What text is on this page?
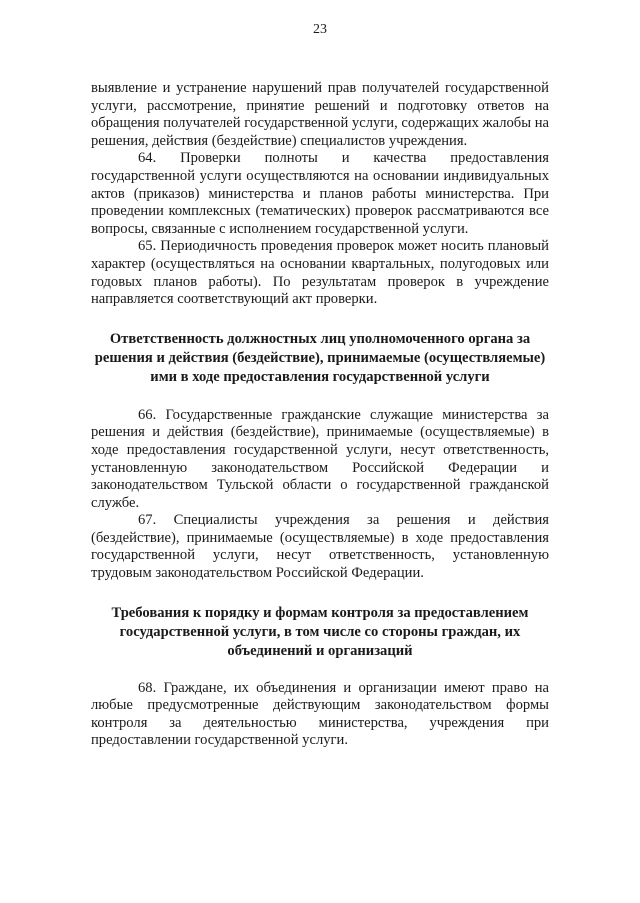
23

выявление и устранение нарушений прав получателей государственной услуги, рассмотрение, принятие решений и подготовку ответов на обращения получателей государственной услуги, содержащих жалобы на решения, действия (бездействие) специалистов учреждения.

64. Проверки полноты и качества предоставления государственной услуги осуществляются на основании индивидуальных актов (приказов) министерства и планов работы министерства. При проведении комплексных (тематических) проверок рассматриваются все вопросы, связанные с исполнением государственной услуги.

65. Периодичность проведения проверок может носить плановый характер (осуществляться на основании квартальных, полугодовых или годовых планов работы). По результатам проверок в учреждение направляется соответствующий акт проверки.

Ответственность должностных лиц уполномоченного органа за решения и действия (бездействие), принимаемые (осуществляемые) ими в ходе предоставления государственной услуги

66. Государственные гражданские служащие министерства за решения и действия (бездействие), принимаемые (осуществляемые) в ходе предоставления государственной услуги, несут ответственность, установленную законодательством Российской Федерации и законодательством Тульской области о государственной гражданской службе.

67. Специалисты учреждения за решения и действия (бездействие), принимаемые (осуществляемые) в ходе предоставления государственной услуги, несут ответственность, установленную трудовым законодательством Российской Федерации.

Требования к порядку и формам контроля за предоставлением государственной услуги, в том числе со стороны граждан, их объединений и организаций

68. Граждане, их объединения и организации имеют право на любые предусмотренные действующим законодательством формы контроля за деятельностью министерства, учреждения при предоставлении государственной услуги.
